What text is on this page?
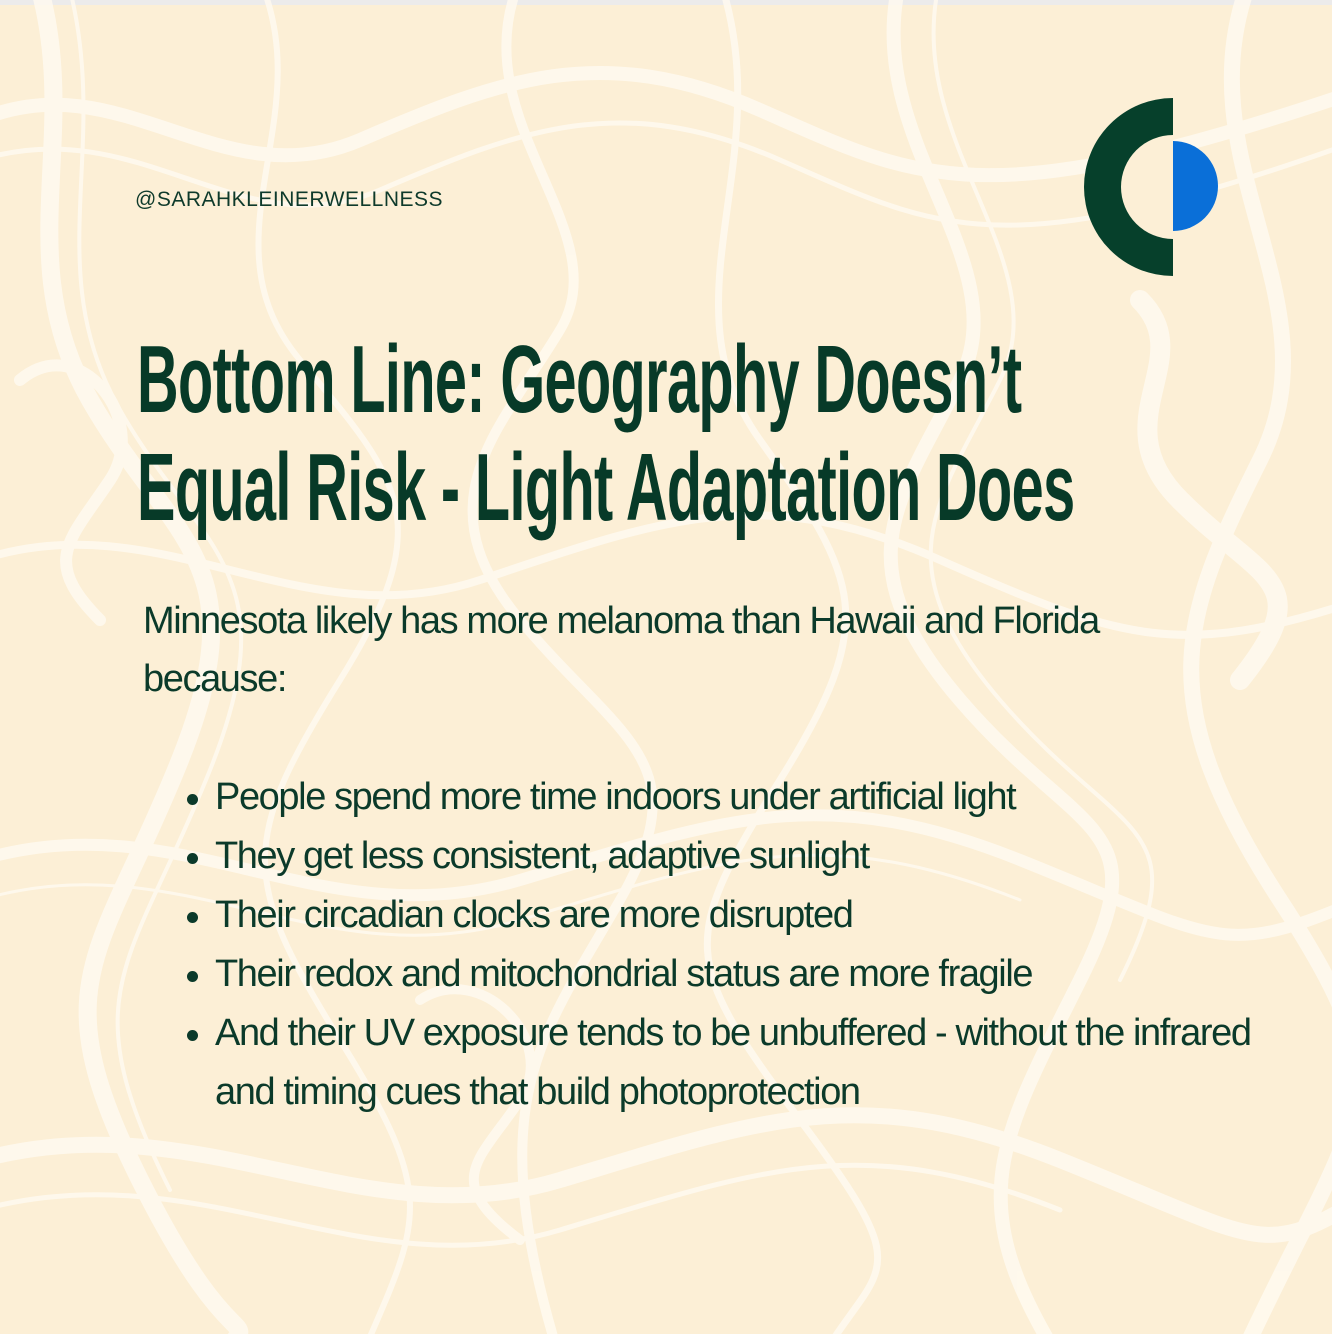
@SARAHKLEINERWELLNESS
Bottom Line: Geography Doesn’t
Equal Risk - Light Adaptation Does

Minnesota likely has more melanoma than Hawaii and Florida because:

People spend more time indoors under artificial light
They get less consistent, adaptive sunlight
Their circadian clocks are more disrupted
Their redox and mitochondrial status are more fragile
And their UV exposure tends to be unbuffered - without the infrared and timing cues that build photoprotection
